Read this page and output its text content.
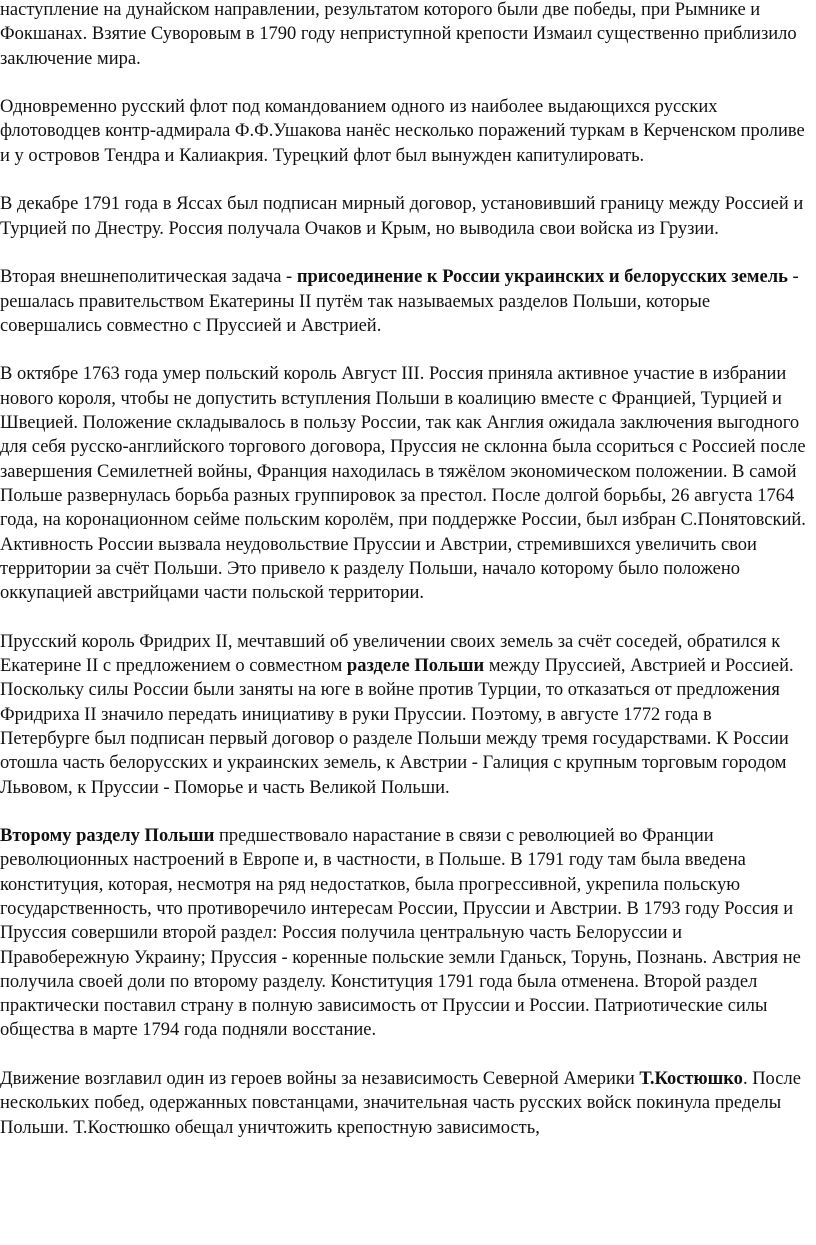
наступление на дунайском направлении, результатом которого были две победы, при Рымнике и Фокшанах. Взятие Суворовым в 1790 году неприступной крепости Измаил существенно приблизило заключение мира.

Одновременно русский флот под командованием одного из наиболее выдающихся русских флотоводцев контр-адмирала Ф.Ф.Ушакова нанёс несколько поражений туркам в Керченском проливе и у островов Тендра и Калиакрия. Турецкий флот был вынужден капитулировать.

В декабре 1791 года в Яссах был подписан мирный договор, установивший границу между Россией и Турцией по Днестру. Россия получала Очаков и Крым, но выводила свои войска из Грузии.

Вторая внешнеполитическая задача - присоединение к России украинских и белорусских земель - решалась правительством Екатерины II путём так называемых разделов Польши, которые совершались совместно с Пруссией и Австрией.

В октябре 1763 года умер польский король Август III. Россия приняла активное участие в избрании нового короля, чтобы не допустить вступления Польши в коалицию вместе с Францией, Турцией и Швецией. Положение складывалось в пользу России, так как Англия ожидала заключения выгодного для себя русско-английского торгового договора, Пруссия не склонна была ссориться с Россией после завершения Семилетней войны, Франция находилась в тяжёлом экономическом положении. В самой Польше развернулась борьба разных группировок за престол. После долгой борьбы, 26 августа 1764 года, на коронационном сейме польским королём, при поддержке России, был избран С.Понятовский. Активность России вызвала неудовольствие Пруссии и Австрии, стремившихся увеличить свои территории за счёт Польши. Это привело к разделу Польши, начало которому было положено оккупацией австрийцами части польской территории.

Прусский король Фридрих II, мечтавший об увеличении своих земель за счёт соседей, обратился к Екатерине II с предложением о совместном разделе Польши между Пруссией, Австрией и Россией. Поскольку силы России были заняты на юге в войне против Турции, то отказаться от предложения Фридриха II значило передать инициативу в руки Пруссии. Поэтому, в августе 1772 года в Петербурге был подписан первый договор о разделе Польши между тремя государствами. К России отошла часть белорусских и украинских земель, к Австрии - Галиция с крупным торговым городом Львовом, к Пруссии - Поморье и часть Великой Польши.

Второму разделу Польши предшествовало нарастание в связи с революцией во Франции революционных настроений в Европе и, в частности, в Польше. В 1791 году там была введена конституция, которая, несмотря на ряд недостатков, была прогрессивной, укрепила польскую государственность, что противоречило интересам России, Пруссии и Австрии. В 1793 году Россия и Пруссия совершили второй раздел: Россия получила центральную часть Белоруссии и Правобережную Украину; Пруссия - коренные польские земли Гданьск, Торунь, Познань. Австрия не получила своей доли по второму разделу. Конституция 1791 года была отменена. Второй раздел практически поставил страну в полную зависимость от Пруссии и России. Патриотические силы общества в марте 1794 года подняли восстание.

Движение возглавил один из героев войны за независимость Северной Америки Т.Костюшко. После нескольких побед, одержанных повстанцами, значительная часть русских войск покинула пределы Польши. Т.Костюшко обещал уничтожить крепостную зависимость,
